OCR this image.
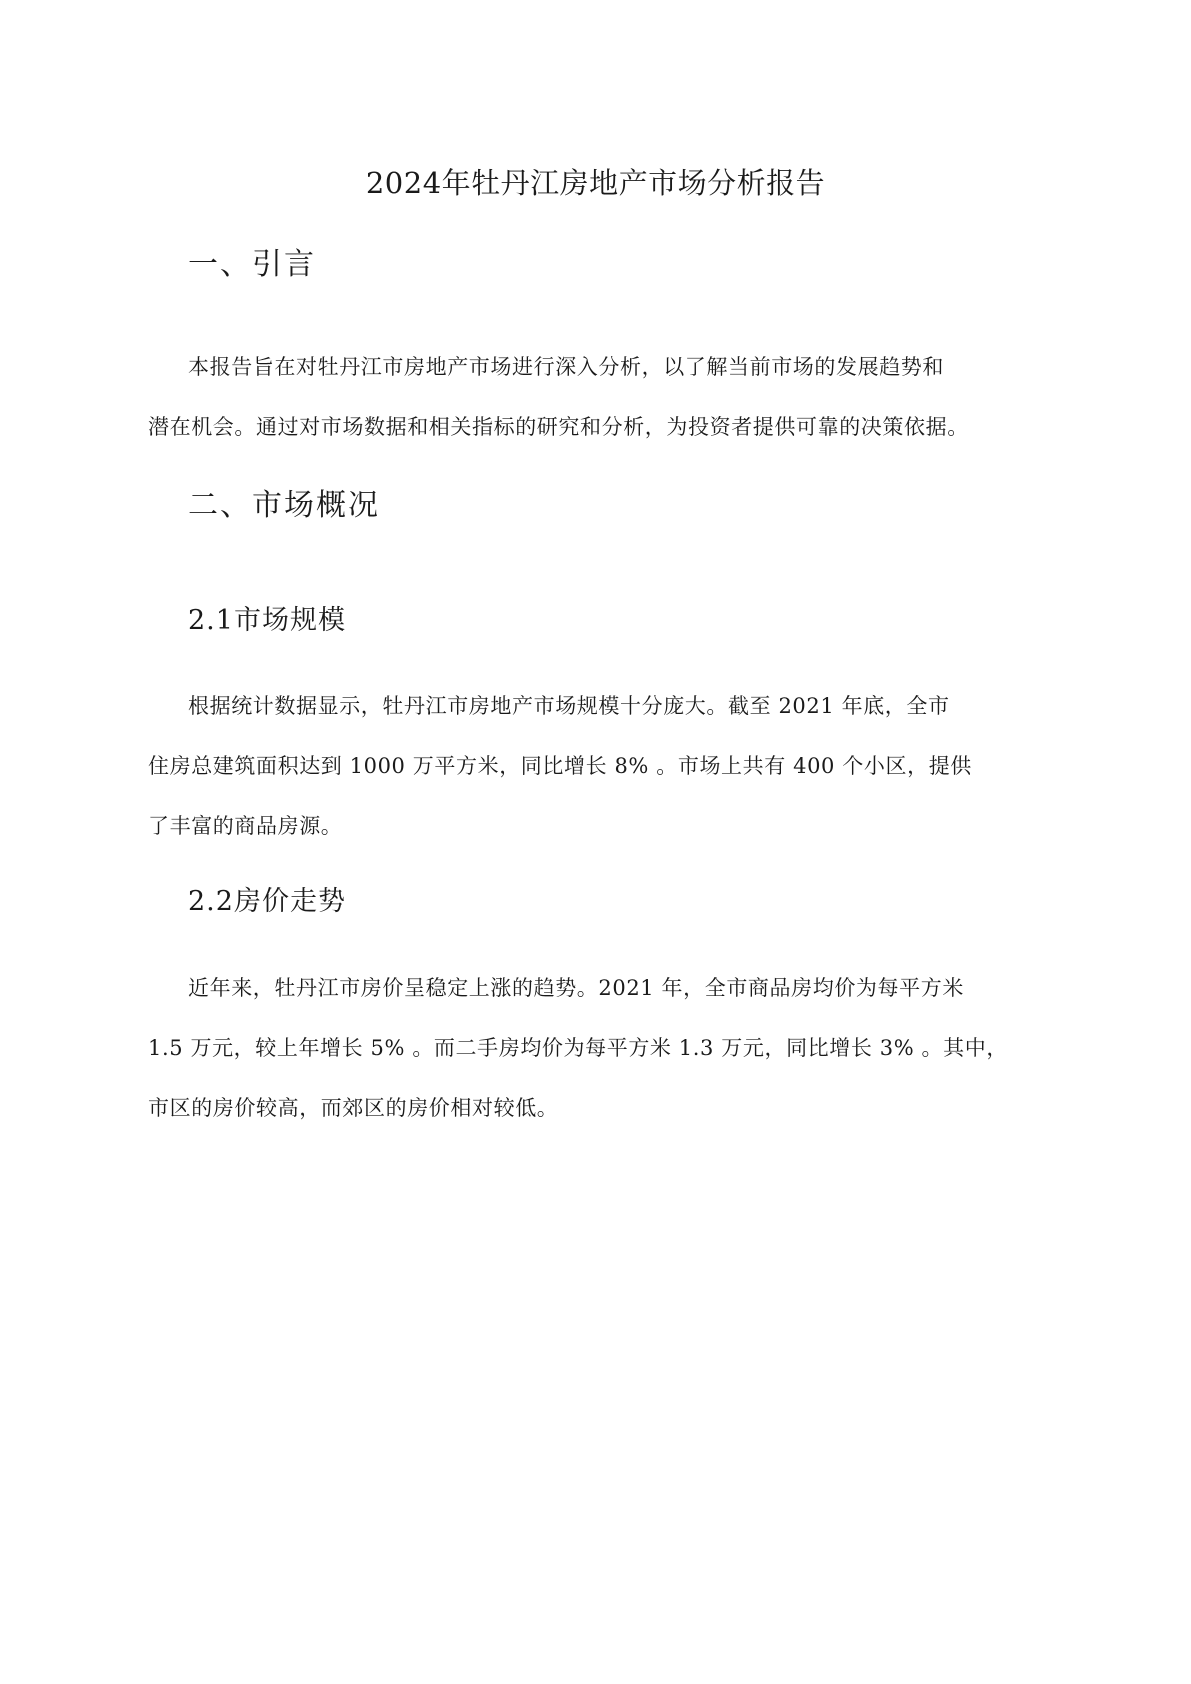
2024年牡丹江房地产市场分析报告
一、引言
本报告旨在对牡丹江市房地产市场进行深入分析，以了解当前市场的发展趋势和
潜在机会。通过对市场数据和相关指标的研究和分析，为投资者提供可靠的决策依据。
二、市场概况
2.1市场规模
根据统计数据显示，牡丹江市房地产市场规模十分庞大。截至 2021 年底，全市
住房总建筑面积达到 1000 万平方米，同比增长 8% 。市场上共有 400 个小区，提供
了丰富的商品房源。
2.2房价走势
近年来，牡丹江市房价呈稳定上涨的趋势。2021 年，全市商品房均价为每平方米
1.5 万元，较上年增长 5% 。而二手房均价为每平方米 1.3 万元，同比增长 3% 。其中，
市区的房价较高，而郊区的房价相对较低。
